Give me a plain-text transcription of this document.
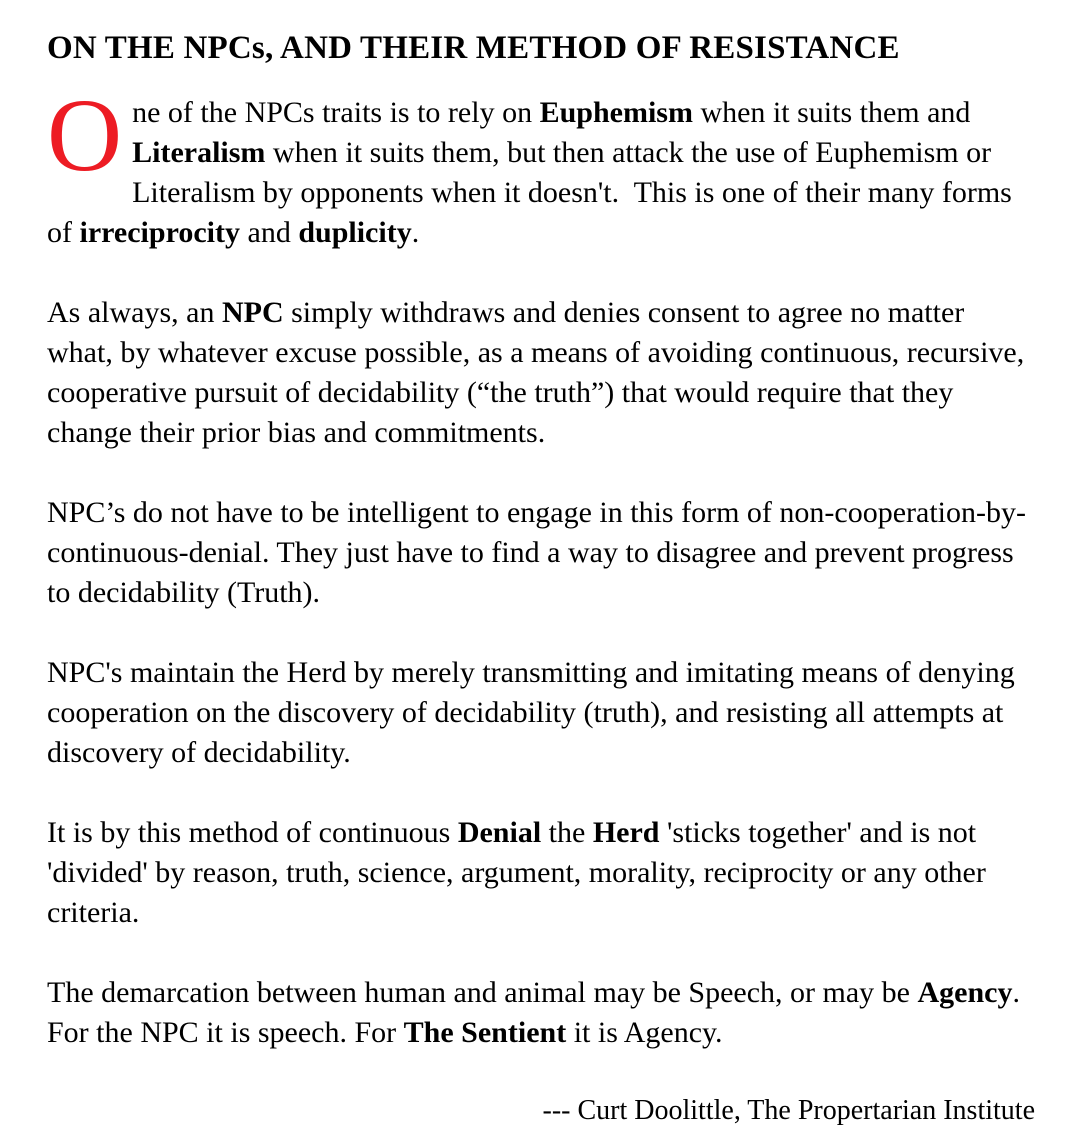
ON THE NPCs, AND THEIR METHOD OF RESISTANCE

One of the NPCs traits is to rely on Euphemism when it suits them and Literalism when it suits them, but then attack the use of Euphemism or Literalism by opponents when it doesn't.  This is one of their many forms of irreciprocity and duplicity.

As always, an NPC simply withdraws and denies consent to agree no matter what, by whatever excuse possible, as a means of avoiding continuous, recursive, cooperative pursuit of decidability (“the truth”) that would require that they change their prior bias and commitments.

NPC’s do not have to be intelligent to engage in this form of non-cooperation-by-continuous-denial. They just have to find a way to disagree and prevent progress to decidability (Truth).

NPC's maintain the Herd by merely transmitting and imitating means of denying cooperation on the discovery of decidability (truth), and resisting all attempts at discovery of decidability.

It is by this method of continuous Denial the Herd 'sticks together' and is not 'divided' by reason, truth, science, argument, morality, reciprocity or any other criteria.

The demarcation between human and animal may be Speech, or may be Agency.  For the NPC it is speech. For The Sentient it is Agency.

--- Curt Doolittle, The Propertarian Institute
